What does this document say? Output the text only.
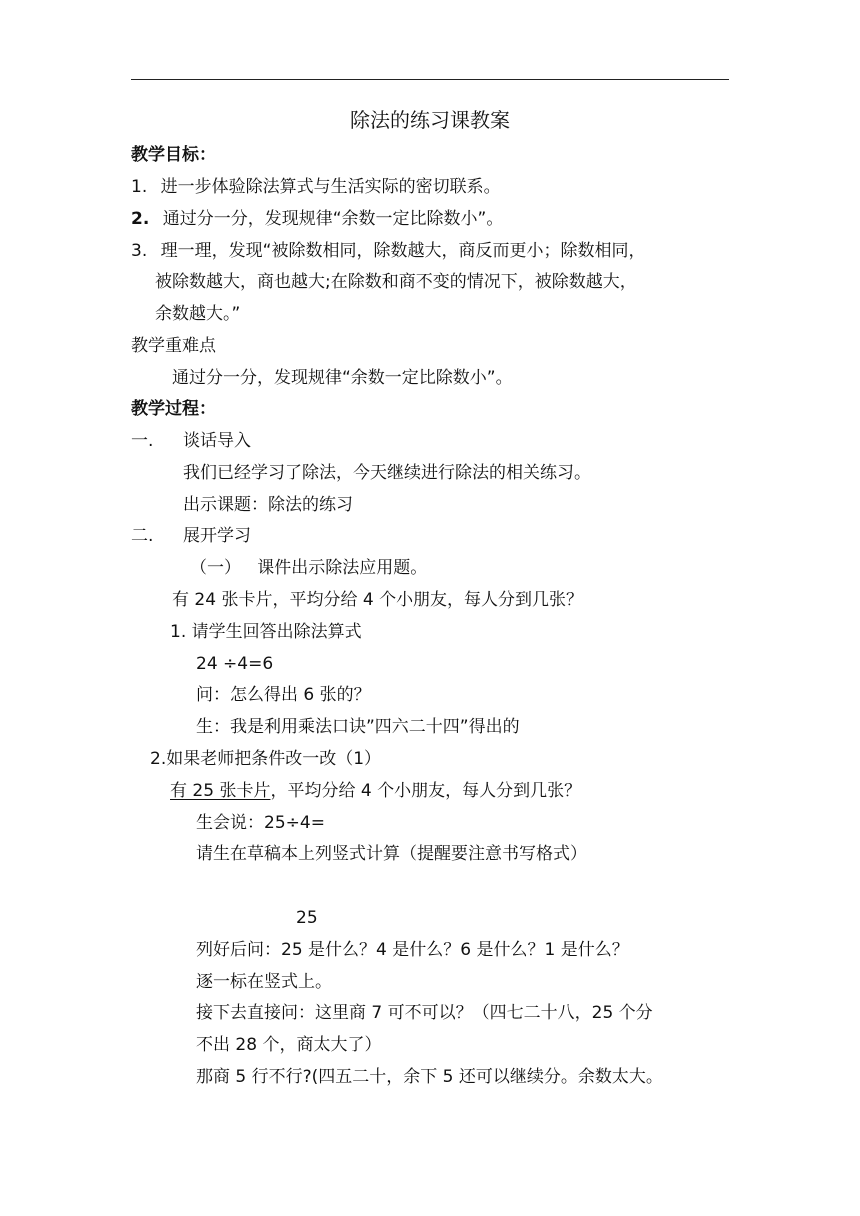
除法的练习课教案
教学目标：
1. 进一步体验除法算式与生活实际的密切联系。
2. 通过分一分，发现规律“余数一定比除数小”。
3. 理一理，发现“被除数相同，除数越大，商反而更小；除数相同，
被除数越大，商也越大;在除数和商不变的情况下，被除数越大，
余数越大。”
教学重难点
通过分一分，发现规律“余数一定比除数小”。
教学过程：
一. 谈话导入
我们已经学习了除法，今天继续进行除法的相关练习。
出示课题：除法的练习
二. 展开学习
（一）   课件出示除法应用题。
有 24 张卡片，平均分给 4 个小朋友，每人分到几张？
1. 请学生回答出除法算式
24 ÷4=6
问：怎么得出 6 张的？
生：我是利用乘法口诀”四六二十四”得出的
2.如果老师把条件改一改（1）
有 25 张卡片，平均分给 4 个小朋友，每人分到几张？
生会说：25÷4=
请生在草稿本上列竖式计算（提醒要注意书写格式）
25
列好后问：25 是什么？4 是什么？6 是什么？1 是什么？
逐一标在竖式上。
接下去直接问：这里商 7 可不可以？（四七二十八，25 个分
不出 28 个，商太大了）
那商 5 行不行?(四五二十，余下 5 还可以继续分。余数太大。
